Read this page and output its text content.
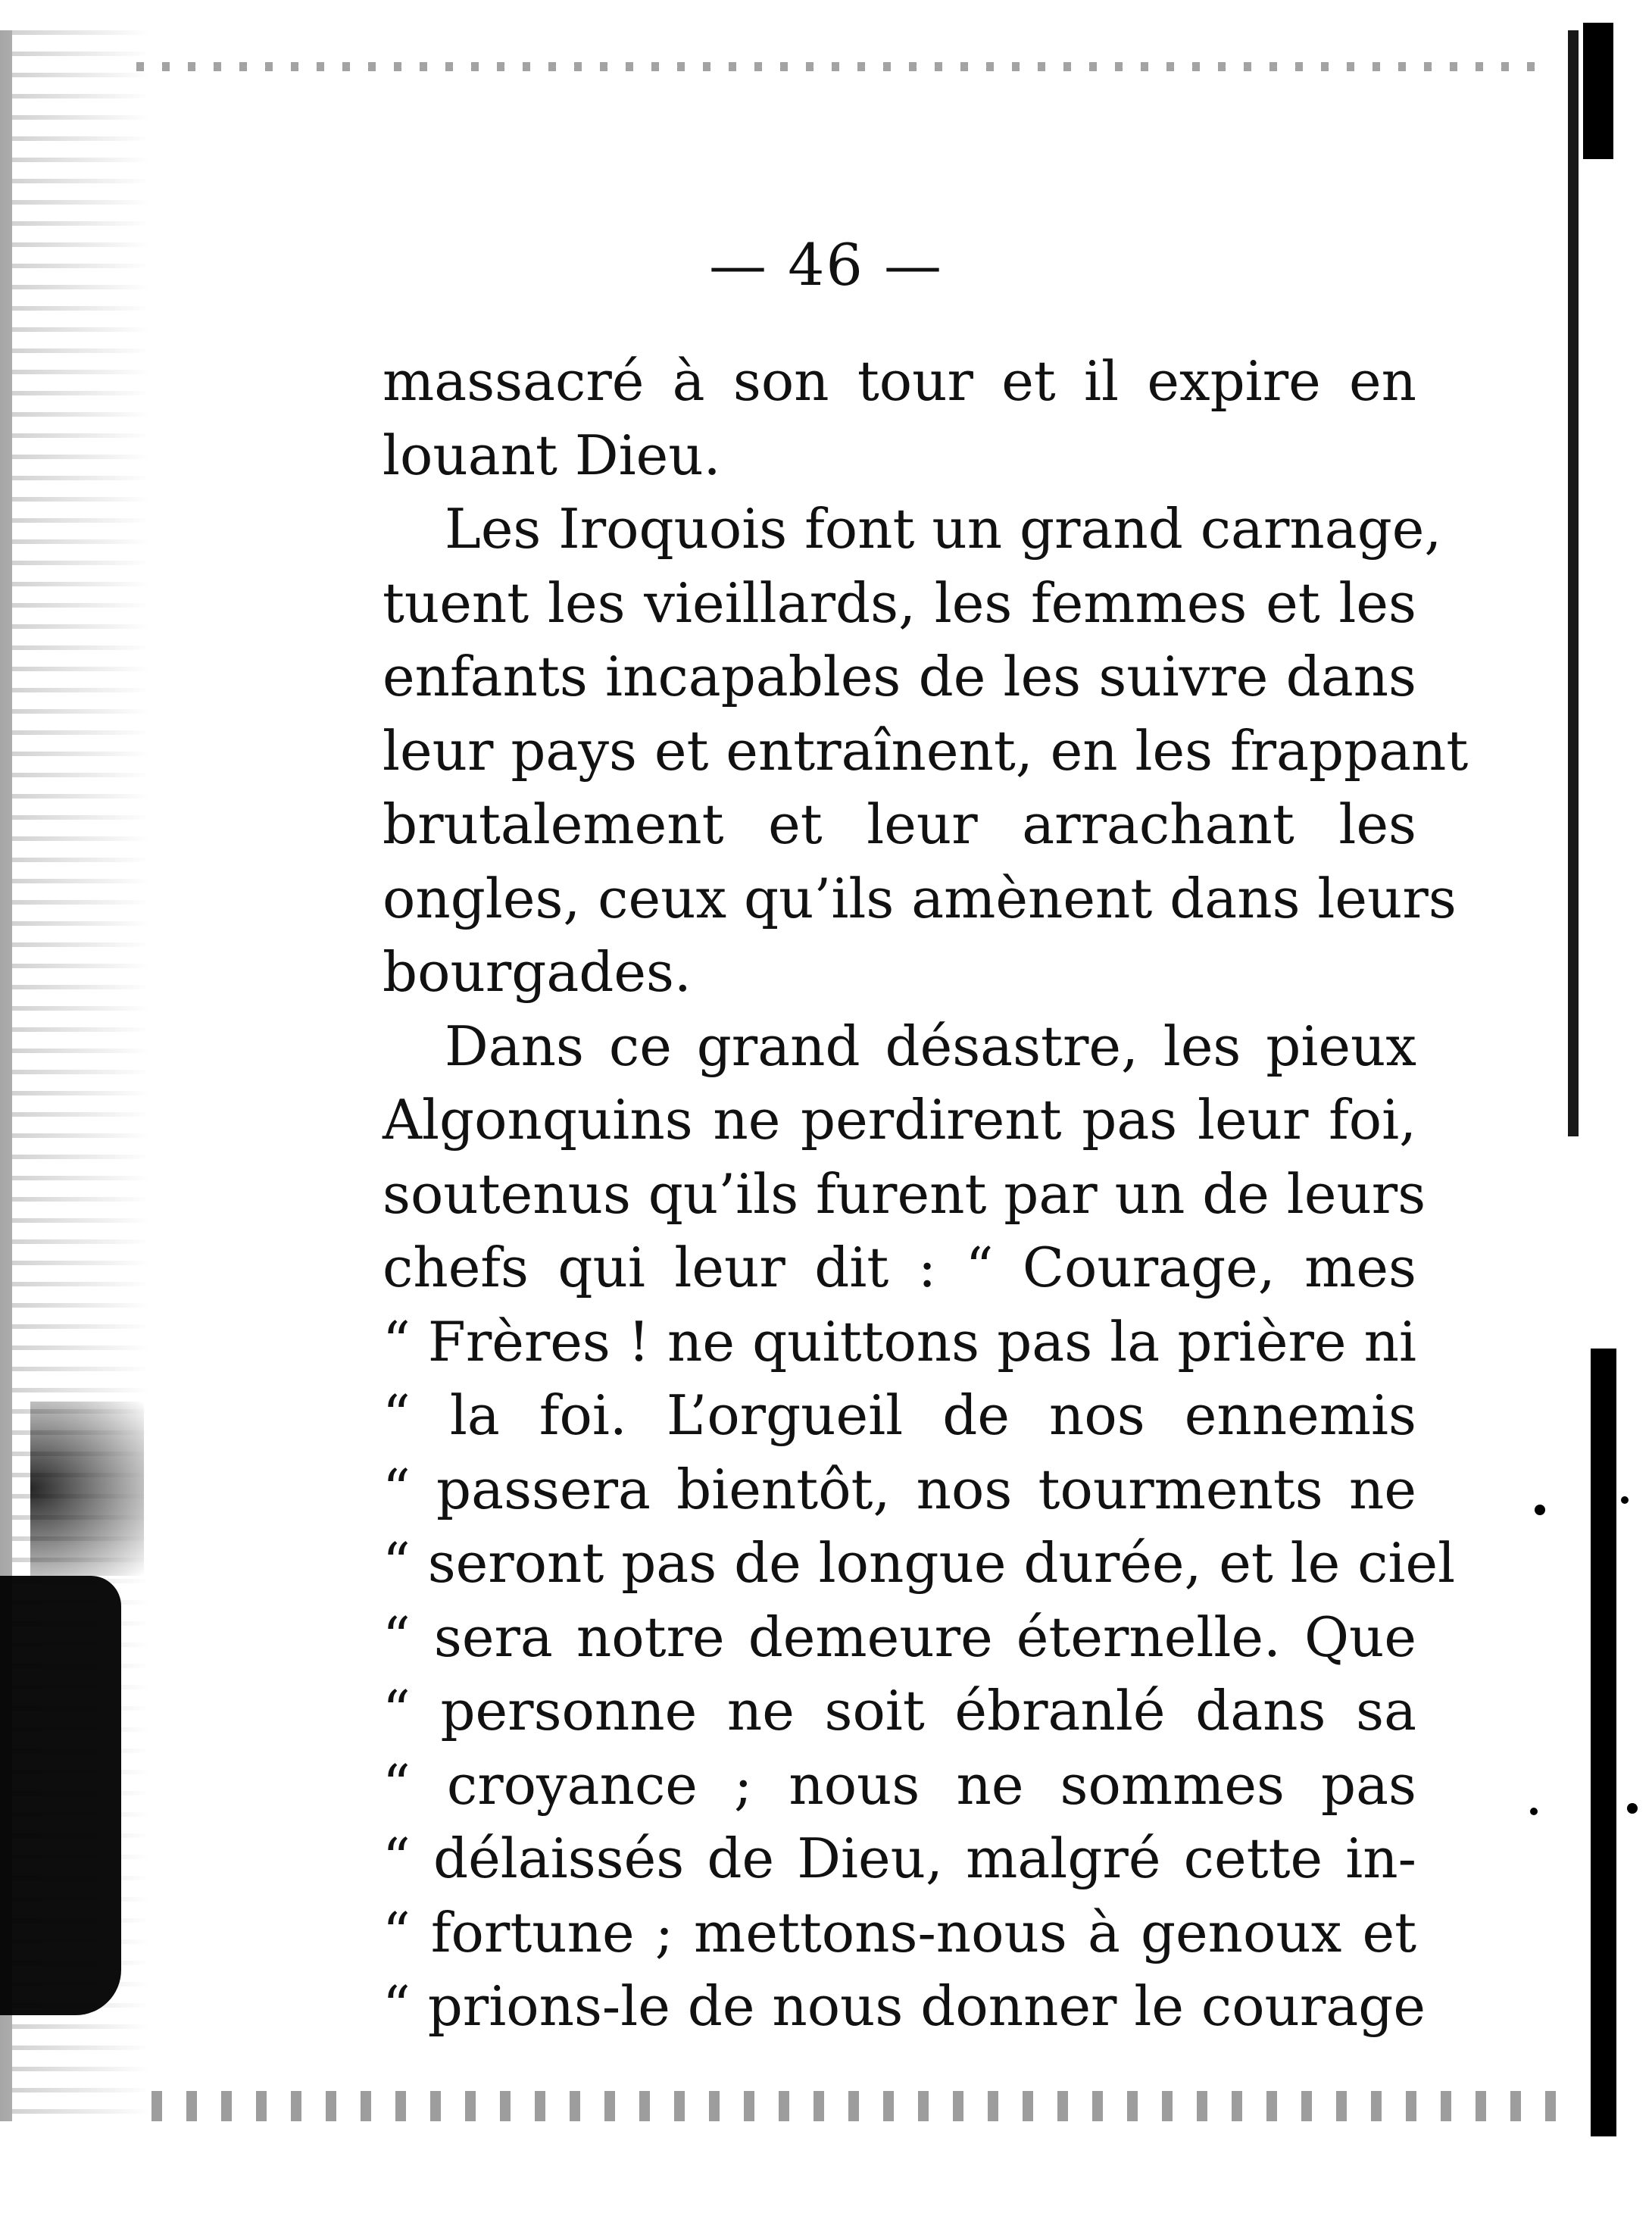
— 46 —
massacré à son tour et il expire en
louant Dieu.
Les Iroquois font un grand carnage,
tuent les vieillards, les femmes et les
enfants incapables de les suivre dans
leur pays et entraînent, en les frappant
brutalement et leur arrachant les
ongles, ceux qu’ils amènent dans leurs
bourgades.
Dans ce grand désastre, les pieux
Algonquins ne perdirent pas leur foi,
soutenus qu’ils furent par un de leurs
chefs qui leur dit : “ Courage, mes
“ Frères ! ne quittons pas la prière ni
“ la foi. L’orgueil de nos ennemis
“ passera bientôt, nos tourments ne
“ seront pas de longue durée, et le ciel
“ sera notre demeure éternelle. Que
“ personne ne soit ébranlé dans sa
“ croyance ; nous ne sommes pas
“ délaissés de Dieu, malgré cette in-
“ fortune ; mettons-nous à genoux et
“ prions-le de nous donner le courage
